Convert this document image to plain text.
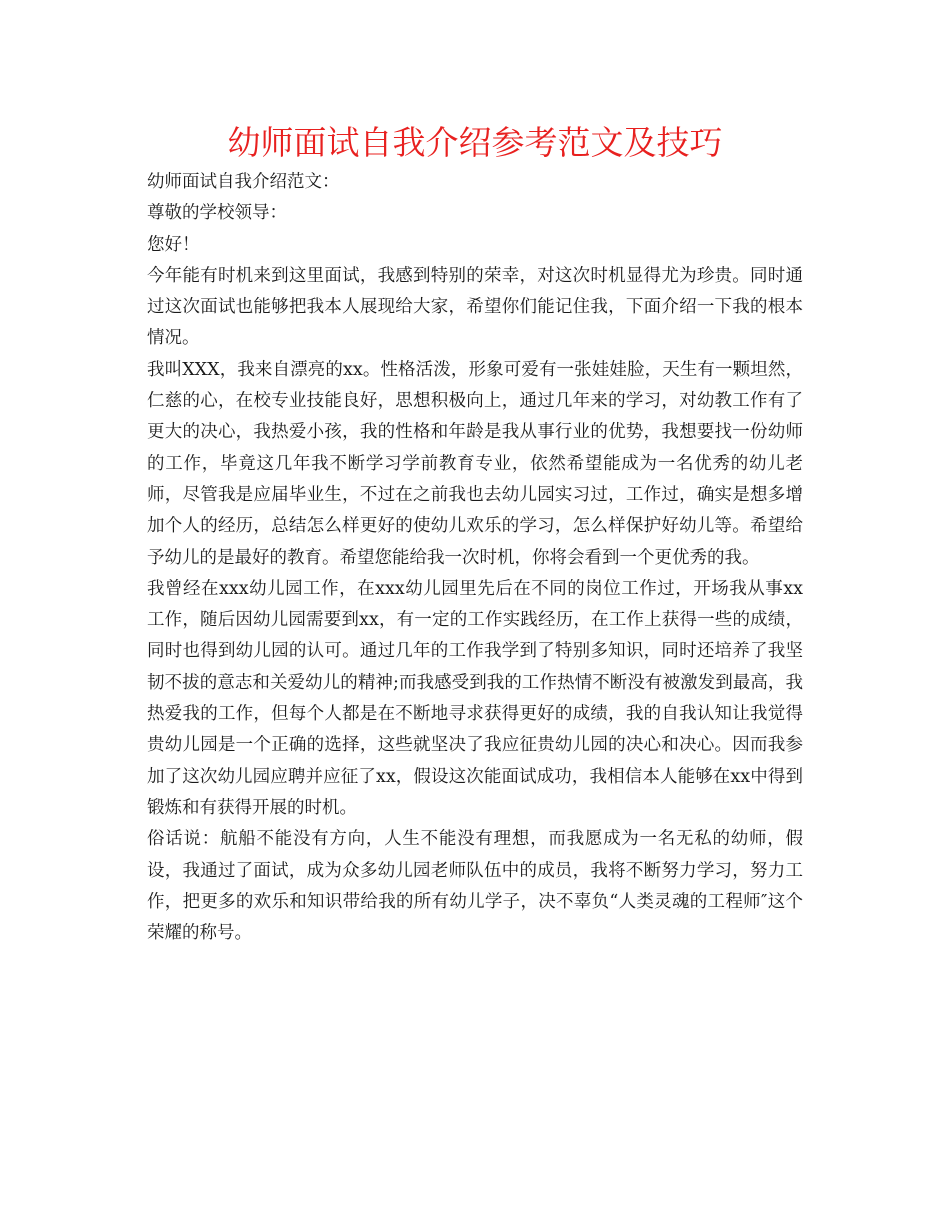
幼师面试自我介绍参考范文及技巧

幼师面试自我介绍范文：

尊敬的学校领导：

您好！

今年能有时机来到这里面试，我感到特别的荣幸，对这次时机显得尤为珍贵。同时通过这次面试也能够把我本人展现给大家，希望你们能记住我，下面介绍一下我的根本情况。

我叫XXX，我来自漂亮的xx。性格活泼，形象可爱有一张娃娃脸，天生有一颗坦然，仁慈的心，在校专业技能良好，思想积极向上，通过几年来的学习，对幼教工作有了更大的决心，我热爱小孩，我的性格和年龄是我从事行业的优势，我想要找一份幼师的工作，毕竟这几年我不断学习学前教育专业，依然希望能成为一名优秀的幼儿老师，尽管我是应届毕业生，不过在之前我也去幼儿园实习过，工作过，确实是想多增加个人的经历，总结怎么样更好的使幼儿欢乐的学习，怎么样保护好幼儿等。希望给予幼儿的是最好的教育。希望您能给我一次时机，你将会看到一个更优秀的我。

我曾经在xxx幼儿园工作，在xxx幼儿园里先后在不同的岗位工作过，开场我从事xx工作，随后因幼儿园需要到xx，有一定的工作实践经历，在工作上获得一些的成绩，同时也得到幼儿园的认可。通过几年的工作我学到了特别多知识，同时还培养了我坚韧不拔的意志和关爱幼儿的精神;而我感受到我的工作热情不断没有被激发到最高，我热爱我的工作，但每个人都是在不断地寻求获得更好的成绩，我的自我认知让我觉得贵幼儿园是一个正确的选择，这些就坚决了我应征贵幼儿园的决心和决心。因而我参加了这次幼儿园应聘并应征了xx，假设这次能面试成功，我相信本人能够在xx中得到锻炼和有获得开展的时机。

俗话说：航船不能没有方向，人生不能没有理想，而我愿成为一名无私的幼师，假设，我通过了面试，成为众多幼儿园老师队伍中的成员，我将不断努力学习，努力工作，把更多的欢乐和知识带给我的所有幼儿学子，决不辜负“人类灵魂的工程师″这个荣耀的称号。
